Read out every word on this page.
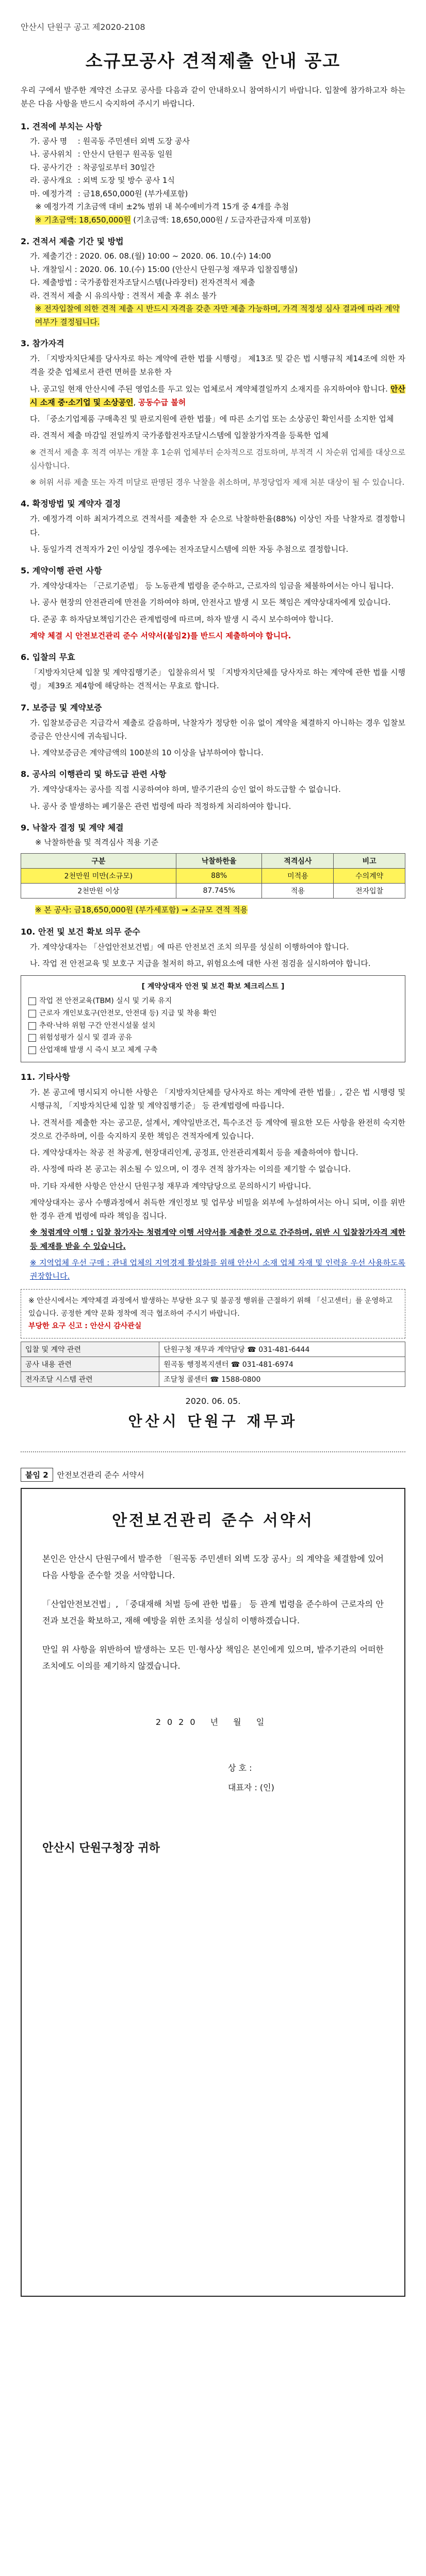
안산시 단원구 공고 제2020-2108
소규모공사 견적제출 안내 공고

우리 구에서 발주한 계약건 소규모 공사를 다음과 같이 안내하오니 참여하시기 바랍니다. 입찰에 참가하고자 하는 분은 다음 사항을 반드시 숙지하여 주시기 바랍니다.

1. 견적에 부치는 사항
가. 공사 명 : 원곡동 주민센터 외벽 도장 공사
나. 공사위치 : 안산시 단원구 원곡동 일원
다. 공사기간 : 착공일로부터 30일간
라. 공사개요 : 외벽 도장 및 방수 공사 1식
마. 예정가격 : 금18,650,000원 (부가세포함)
※ 예정가격 기초금액 대비 ±2% 범위 내 복수예비가격 15개 중 4개를 추첨
※ 기초금액: 18,650,000원 (기초금액: 18,650,000원 / 도급자관급자재 미포함)
2. 견적서 제출 기간 및 방법
가. 제출기간 : 2020. 06. 08.(월) 10:00 ~ 2020. 06. 10.(수) 14:00
나. 개찰일시 : 2020. 06. 10.(수) 15:00 (안산시 단원구청 재무과 입찰집행실)
다. 제출방법 : 국가종합전자조달시스템(나라장터) 전자견적서 제출
라. 견적서 제출 시 유의사항 : 견적서 제출 후 취소 불가
※ 전자입찰에 의한 견적 제출 시 반드시 자격을 갖춘 자만 제출 가능하며, 가격 적정성 심사 결과에 따라 계약 여부가 결정됩니다.
3. 참가자격

가. 「지방자치단체를 당사자로 하는 계약에 관한 법률 시행령」 제13조 및 같은 법 시행규칙 제14조에 의한 자격을 갖춘 업체로서 관련 면허를 보유한 자

나. 공고일 현재 안산시에 주된 영업소를 두고 있는 업체로서 계약체결일까지 소재지를 유지하여야 합니다. 안산시 소재 중·소기업 및 소상공인, 공동수급 불허

다. 「중소기업제품 구매촉진 및 판로지원에 관한 법률」에 따른 소기업 또는 소상공인 확인서를 소지한 업체

라. 견적서 제출 마감일 전일까지 국가종합전자조달시스템에 입찰참가자격을 등록한 업체

※ 견적서 제출 후 적격 여부는 개찰 후 1순위 업체부터 순차적으로 검토하며, 부적격 시 차순위 업체를 대상으로 심사합니다.

※ 허위 서류 제출 또는 자격 미달로 판명된 경우 낙찰을 취소하며, 부정당업자 제재 처분 대상이 될 수 있습니다.

4. 확정방법 및 계약자 결정

가. 예정가격 이하 최저가격으로 견적서를 제출한 자 순으로 낙찰하한율(88%) 이상인 자를 낙찰자로 결정합니다.

나. 동일가격 견적자가 2인 이상일 경우에는 전자조달시스템에 의한 자동 추첨으로 결정합니다.

5. 계약이행 관련 사항

가. 계약상대자는 「근로기준법」 등 노동관계 법령을 준수하고, 근로자의 임금을 체불하여서는 아니 됩니다.

나. 공사 현장의 안전관리에 만전을 기하여야 하며, 안전사고 발생 시 모든 책임은 계약상대자에게 있습니다.

다. 준공 후 하자담보책임기간은 관계법령에 따르며, 하자 발생 시 즉시 보수하여야 합니다.

계약 체결 시 안전보건관리 준수 서약서(붙임2)를 반드시 제출하여야 합니다.

6. 입찰의 무효

「지방자치단체 입찰 및 계약집행기준」 입찰유의서 및 「지방자치단체를 당사자로 하는 계약에 관한 법률 시행령」 제39조 제4항에 해당하는 견적서는 무효로 합니다.

7. 보증금 및 계약보증

가. 입찰보증금은 지급각서 제출로 갈음하며, 낙찰자가 정당한 이유 없이 계약을 체결하지 아니하는 경우 입찰보증금은 안산시에 귀속됩니다.

나. 계약보증금은 계약금액의 100분의 10 이상을 납부하여야 합니다.

8. 공사의 이행관리 및 하도급 관련 사항

가. 계약상대자는 공사를 직접 시공하여야 하며, 발주기관의 승인 없이 하도급할 수 없습니다.

나. 공사 중 발생하는 폐기물은 관련 법령에 따라 적정하게 처리하여야 합니다.

9. 낙찰자 결정 및 계약 체결
※ 낙찰하한율 및 적격심사 적용 기준
구분	낙찰하한율	적격심사	비고
2천만원 미만(소규모)	88%	미적용	수의계약
2천만원 이상	87.745%	적용	전자입찰
※ 본 공사: 금18,650,000원 (부가세포함) → 소규모 견적 적용
10. 안전 및 보건 확보 의무 준수

가. 계약상대자는 「산업안전보건법」에 따른 안전보건 조치 의무를 성실히 이행하여야 합니다.

나. 작업 전 안전교육 및 보호구 지급을 철저히 하고, 위험요소에 대한 사전 점검을 실시하여야 합니다.

[ 계약상대자 안전 및 보건 확보 체크리스트 ]
작업 전 안전교육(TBM) 실시 및 기록 유지
근로자 개인보호구(안전모, 안전대 등) 지급 및 착용 확인
추락·낙하 위험 구간 안전시설물 설치
위험성평가 실시 및 결과 공유
산업재해 발생 시 즉시 보고 체계 구축
11. 기타사항

가. 본 공고에 명시되지 아니한 사항은 「지방자치단체를 당사자로 하는 계약에 관한 법률」, 같은 법 시행령 및 시행규칙, 「지방자치단체 입찰 및 계약집행기준」 등 관계법령에 따릅니다.

나. 견적서를 제출한 자는 공고문, 설계서, 계약일반조건, 특수조건 등 계약에 필요한 모든 사항을 완전히 숙지한 것으로 간주하며, 이를 숙지하지 못한 책임은 견적자에게 있습니다.

다. 계약상대자는 착공 전 착공계, 현장대리인계, 공정표, 안전관리계획서 등을 제출하여야 합니다.

라. 사정에 따라 본 공고는 취소될 수 있으며, 이 경우 견적 참가자는 이의를 제기할 수 없습니다.

마. 기타 자세한 사항은 안산시 단원구청 재무과 계약담당으로 문의하시기 바랍니다.

계약상대자는 공사 수행과정에서 취득한 개인정보 및 업무상 비밀을 외부에 누설하여서는 아니 되며, 이를 위반한 경우 관계 법령에 따라 책임을 집니다.

※ 청렴계약 이행 : 입찰 참가자는 청렴계약 이행 서약서를 제출한 것으로 간주하며, 위반 시 입찰참가자격 제한 등 제재를 받을 수 있습니다.

※ 지역업체 우선 구매 : 관내 업체의 지역경제 활성화를 위해 안산시 소재 업체 자재 및 인력을 우선 사용하도록 권장합니다.

※ 안산시에서는 계약체결 과정에서 발생하는 부당한 요구 및 불공정 행위를 근절하기 위해 「신고센터」를 운영하고 있습니다. 공정한 계약 문화 정착에 적극 협조하여 주시기 바랍니다.
부당한 요구 신고 : 안산시 감사관실
입찰 및 계약 관련	단원구청 재무과 계약담당 ☎ 031-481-6444
공사 내용 관련	원곡동 행정복지센터 ☎ 031-481-6974
전자조달 시스템 관련	조달청 콜센터 ☎ 1588-0800
2020. 06. 05.
안산시 단원구 재무과
붙임 2 안전보건관리 준수 서약서
안전보건관리 준수 서약서

본인은 안산시 단원구에서 발주한 「원곡동 주민센터 외벽 도장 공사」의 계약을 체결함에 있어 다음 사항을 준수할 것을 서약합니다.

「산업안전보건법」, 「중대재해 처벌 등에 관한 법률」 등 관계 법령을 준수하여 근로자의 안전과 보건을 확보하고, 재해 예방을 위한 조치를 성실히 이행하겠습니다.

만일 위 사항을 위반하여 발생하는 모든 민·형사상 책임은 본인에게 있으며, 발주기관의 어떠한 조치에도 이의를 제기하지 않겠습니다.

2020 년 월 일
상 호 :
대표자 : (인)
안산시 단원구청장 귀하
